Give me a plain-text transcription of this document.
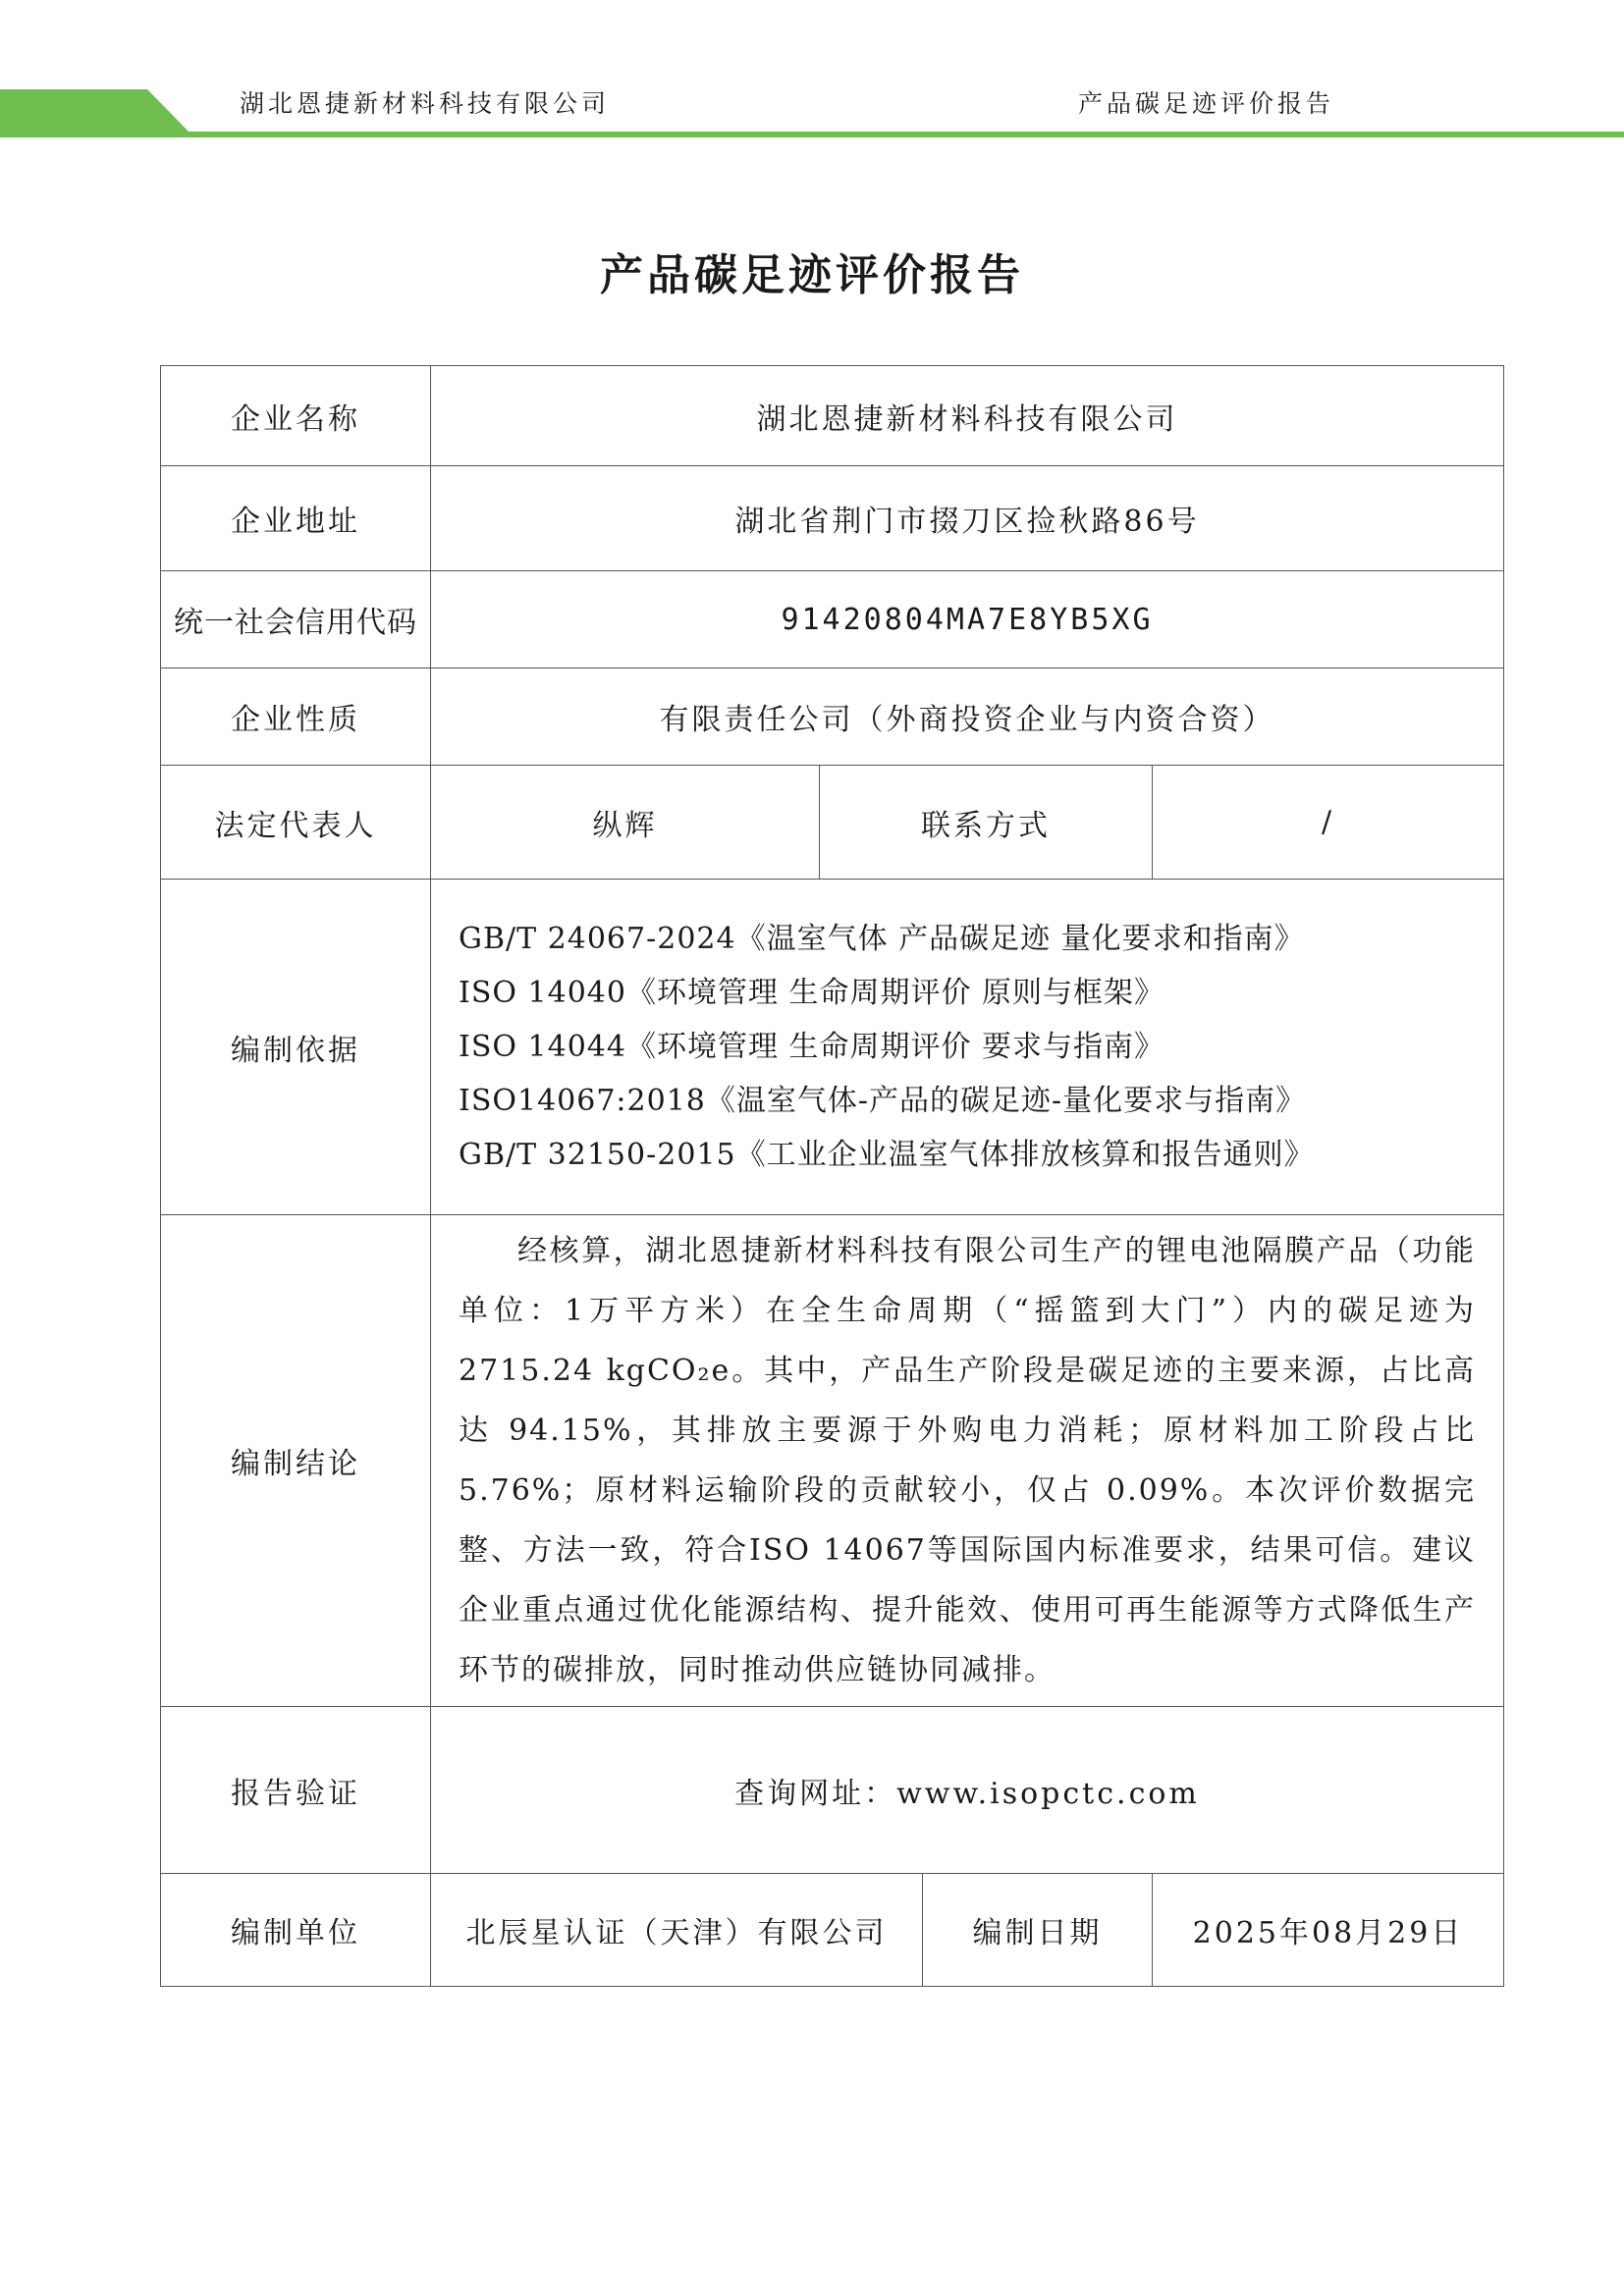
湖北恩捷新材料科技有限公司	产品碳足迹评价报告
产品碳足迹评价报告
企业名称	湖北恩捷新材料科技有限公司			
企业地址	湖北省荆门市掇刀区捡秋路86号			
统一社会信用代码	91420804MA7E8YB5XG			
企业性质	有限责任公司（外商投资企业与内资合资）			
法定代表人	纵辉	联系方式		/
编制依据	GB/T 24067-2024《温室气体 产品碳足迹 量化要求和指南》
ISO 14040《环境管理 生命周期评价 原则与框架》
ISO 14044《环境管理 生命周期评价 要求与指南》
ISO14067:2018《温室气体-产品的碳足迹-量化要求与指南》
GB/T 32150-2015《工业企业温室气体排放核算和报告通则》			

编制结论	经核算，湖北恩捷新材料科技有限公司生产的锂电池隔膜产品（功能单位：1万平方米）在全生命周期（“摇篮到大门”）内的碳足迹为 2715.24 kgCO₂e。其中，产品生产阶段是碳足迹的主要来源，占比高达 94.15%，其排放主要源于外购电力消耗；原材料加工阶段占比 5.76%；原材料运输阶段的贡献较小，仅占 0.09%。本次评价数据完整、方法一致，符合ISO 14067等国际国内标准要求，结果可信。建议企业重点通过优化能源结构、提升能效、使用可再生能源等方式降低生产环节的碳排放，同时推动供应链协同减排。			

报告验证	查询网址：www.isopctc.com			
编制单位	北辰星认证（天津）有限公司		编制日期	2025年08月29日
